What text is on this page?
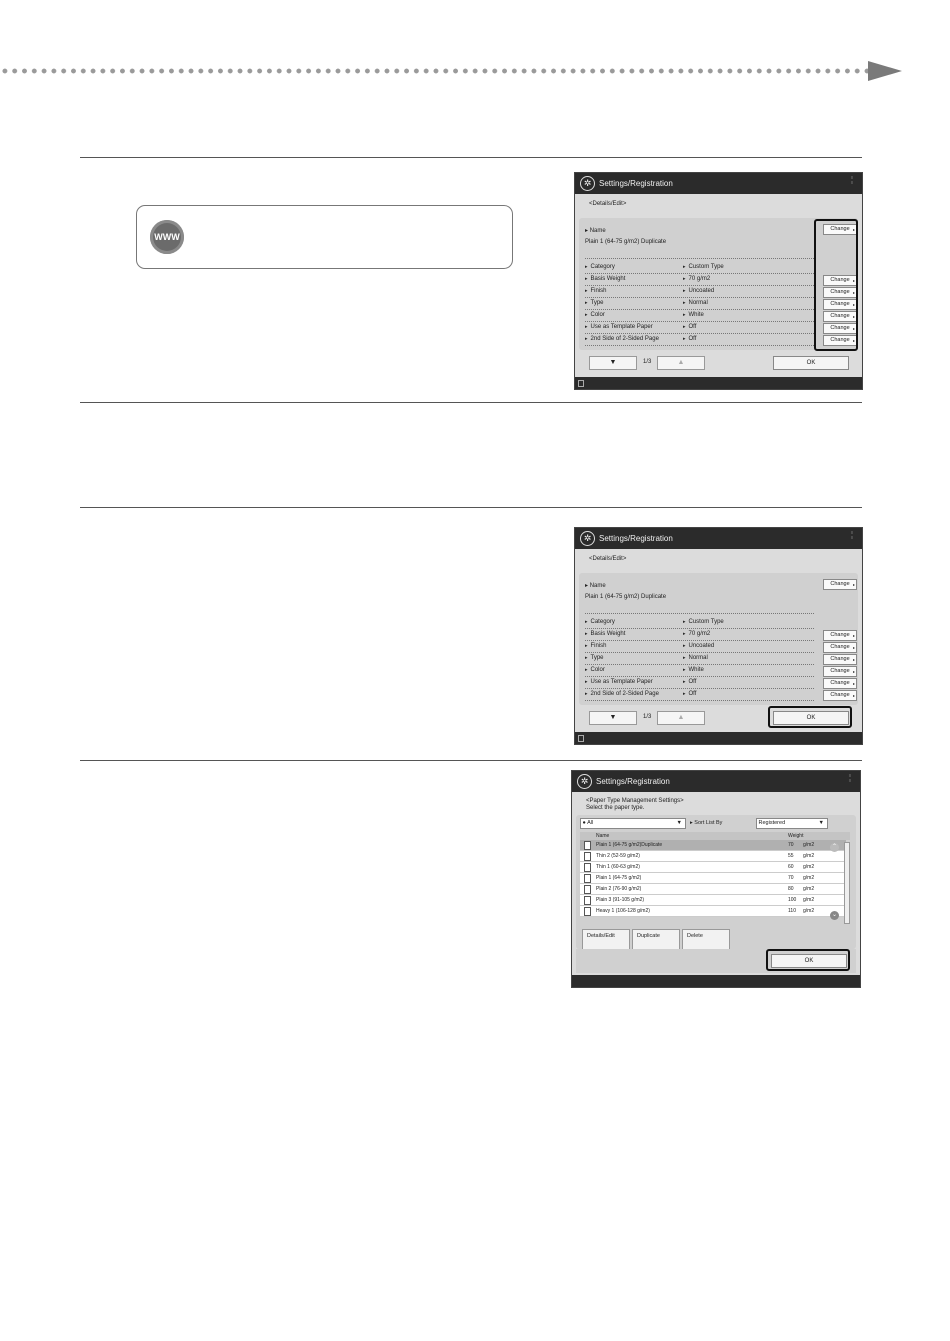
WWW
✲ Settings/Registration
≡
≡
<Details/Edit>
▸ Name
Plain 1 (64-75 g/m2) Duplicate
Change ▸
▸ Category	▸ Custom Type
▸ Basis Weight	▸ 70 g/m2	Change ▸
▸ Finish	▸ Uncoated	Change ▸
▸ Type	▸ Normal	Change ▸
▸ Color	▸ White	Change ▸
▸ Use as Template Paper	▸ Off	Change ▸
▸ 2nd Side of 2-Sided Page	▸ Off	Change ▸
▼	1/3	▲	OK
✲ Settings/Registration
≡
≡
<Details/Edit>
▸ Name
Plain 1 (64-75 g/m2) Duplicate
Change ▸
▸ Category	▸ Custom Type
▸ Basis Weight	▸ 70 g/m2	Change ▸
▸ Finish	▸ Uncoated	Change ▸
▸ Type	▸ Normal	Change ▸
▸ Color	▸ White	Change ▸
▸ Use as Template Paper	▸ Off	Change ▸
▸ 2nd Side of 2-Sided Page	▸ Off	Change ▸
▼	1/3	▲	OK
✲ Settings/Registration
≡
≡
<Paper Type Management Settings>
Select the paper type.
● All	▼ ▸ Sort List By	Registered	▼
Name	Weight
Plain 1 (64-75 g/m2)Duplicate	70 g/m2
Thin 2 (52-59 g/m2)	55 g/m2
Thin 1 (60-63 g/m2)	60 g/m2
Plain 1 (64-75 g/m2)	70 g/m2
Plain 2 (76-90 g/m2)	80 g/m2
Plain 3 (91-105 g/m2)	100 g/m2
Heavy 1 (106-128 g/m2)	110 g/m2
⌃
⌄
Details/Edit	Duplicate	Delete
OK
